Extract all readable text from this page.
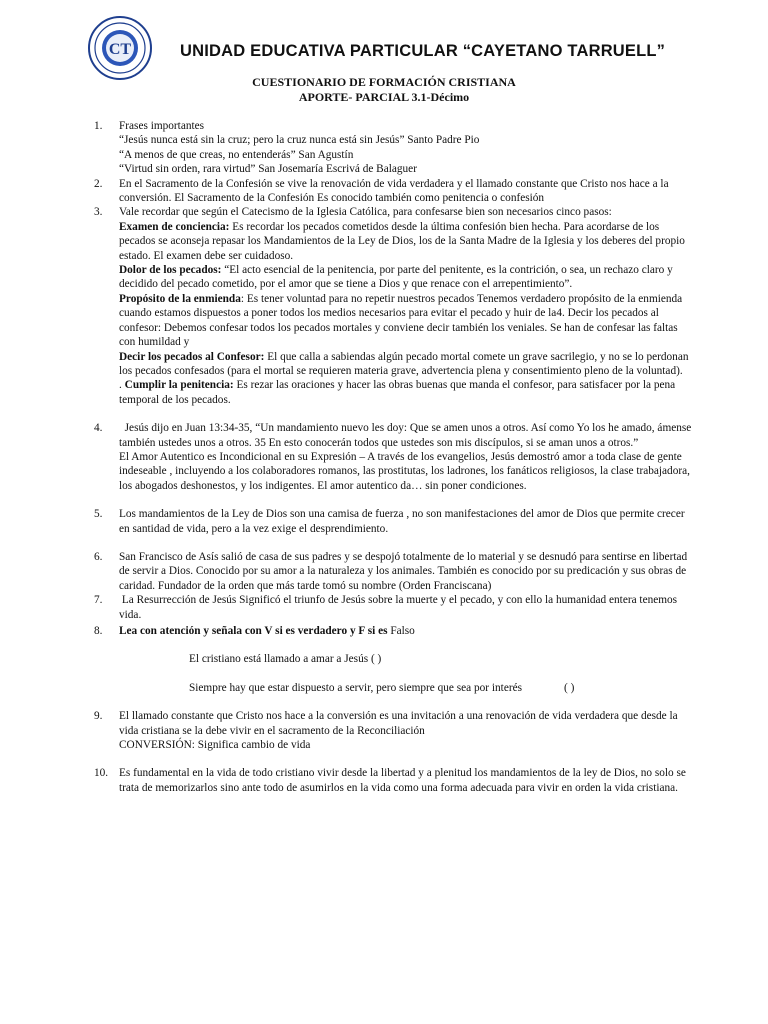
CT	UNIDAD EDUCATIVA PARTICULAR “CAYETANO TARRUELL”
CUESTIONARIO DE FORMACIÓN CRISTIANA
APORTE- PARCIAL 3.1-Décimo
1. Frases importantes

“Jesús nunca está sin la cruz; pero la cruz nunca está sin Jesús” Santo Padre Pio

“A menos de que creas, no entenderás” San Agustín

“Virtud sin orden, rara virtud” San Josemaría Escrivá de Balaguer

2. En el Sacramento de la Confesión se vive la renovación de vida verdadera y el llamado constante que Cristo nos hace a la conversión. El Sacramento de la Confesión Es conocido también como penitencia o confesión

3. Vale recordar que según el Catecismo de la Iglesia Católica, para confesarse bien son necesarios cinco pasos:

Examen de conciencia: Es recordar los pecados cometidos desde la última confesión bien hecha. Para acordarse de los pecados se aconseja repasar los Mandamientos de la Ley de Dios, los de la Santa Madre de la Iglesia y los deberes del propio estado. El examen debe ser cuidadoso.

Dolor de los pecados: “El acto esencial de la penitencia, por parte del penitente, es la contrición, o sea, un rechazo claro y decidido del pecado cometido, por el amor que se tiene a Dios y que renace con el arrepentimiento”.

Propósito de la enmienda: Es tener voluntad para no repetir nuestros pecados Tenemos verdadero propósito de la enmienda cuando estamos dispuestos a poner todos los medios necesarios para evitar el pecado y huir de la4. Decir los pecados al confesor: Debemos confesar todos los pecados mortales y conviene decir también los veniales. Se han de confesar las faltas con humildad y

Decir los pecados al Confesor: El que calla a sabiendas algún pecado mortal comete un grave sacrilegio, y no se lo perdonan los pecados confesados (para el mortal se requieren materia grave, advertencia plena y consentimiento pleno de la voluntad).

. Cumplir la penitencia: Es rezar las oraciones y hacer las obras buenas que manda el confesor, para satisfacer por la pena temporal de los pecados.

4. Jesús dijo en Juan 13:34-35, “Un mandamiento nuevo les doy: Que se amen unos a otros. Así como Yo los he amado, ámense también ustedes unos a otros. 35 En esto conocerán todos que ustedes son mis discípulos, si se aman unos a otros.”

El Amor Autentico es Incondicional en su Expresión – A través de los evangelios, Jesús demostró amor a toda clase de gente indeseable , incluyendo a los colaboradores romanos, las prostitutas, los ladrones, los fanáticos religiosos, la clase trabajadora, los abogados deshonestos, y los indigentes. El amor autentico da… sin poner condiciones.

5. Los mandamientos de la Ley de Dios son una camisa de fuerza , no son manifestaciones del amor de Dios que permite crecer en santidad de vida, pero a la vez exige el desprendimiento.

6. San Francisco de Asís salió de casa de sus padres y se despojó totalmente de lo material y se desnudó para sentirse en libertad de servir a Dios. Conocido por su amor a la naturaleza y los animales. También es conocido por su predicación y sus obras de caridad. Fundador de la orden que más tarde tomó su nombre (Orden Franciscana)

7. La Resurrección de Jesús Significó el triunfo de Jesús sobre la muerte y el pecado, y con ello la humanidad entera tenemos vida.

8. Lea con atención y señala con V si es verdadero y F si es Falso

El cristiano está llamado a amar a Jesús ( )

Siempre hay que estar dispuesto a servir, pero siempre que sea por interés	( )

9. El llamado constante que Cristo nos hace a la conversión es una invitación a una renovación de vida verdadera que desde la vida cristiana se la debe vivir en el sacramento de la Reconciliación

CONVERSIÓN: Significa cambio de vida

10. Es fundamental en la vida de todo cristiano vivir desde la libertad y a plenitud los mandamientos de la ley de Dios, no solo se trata de memorizarlos sino ante todo de asumirlos en la vida como una forma adecuada para vivir en orden la vida cristiana.
